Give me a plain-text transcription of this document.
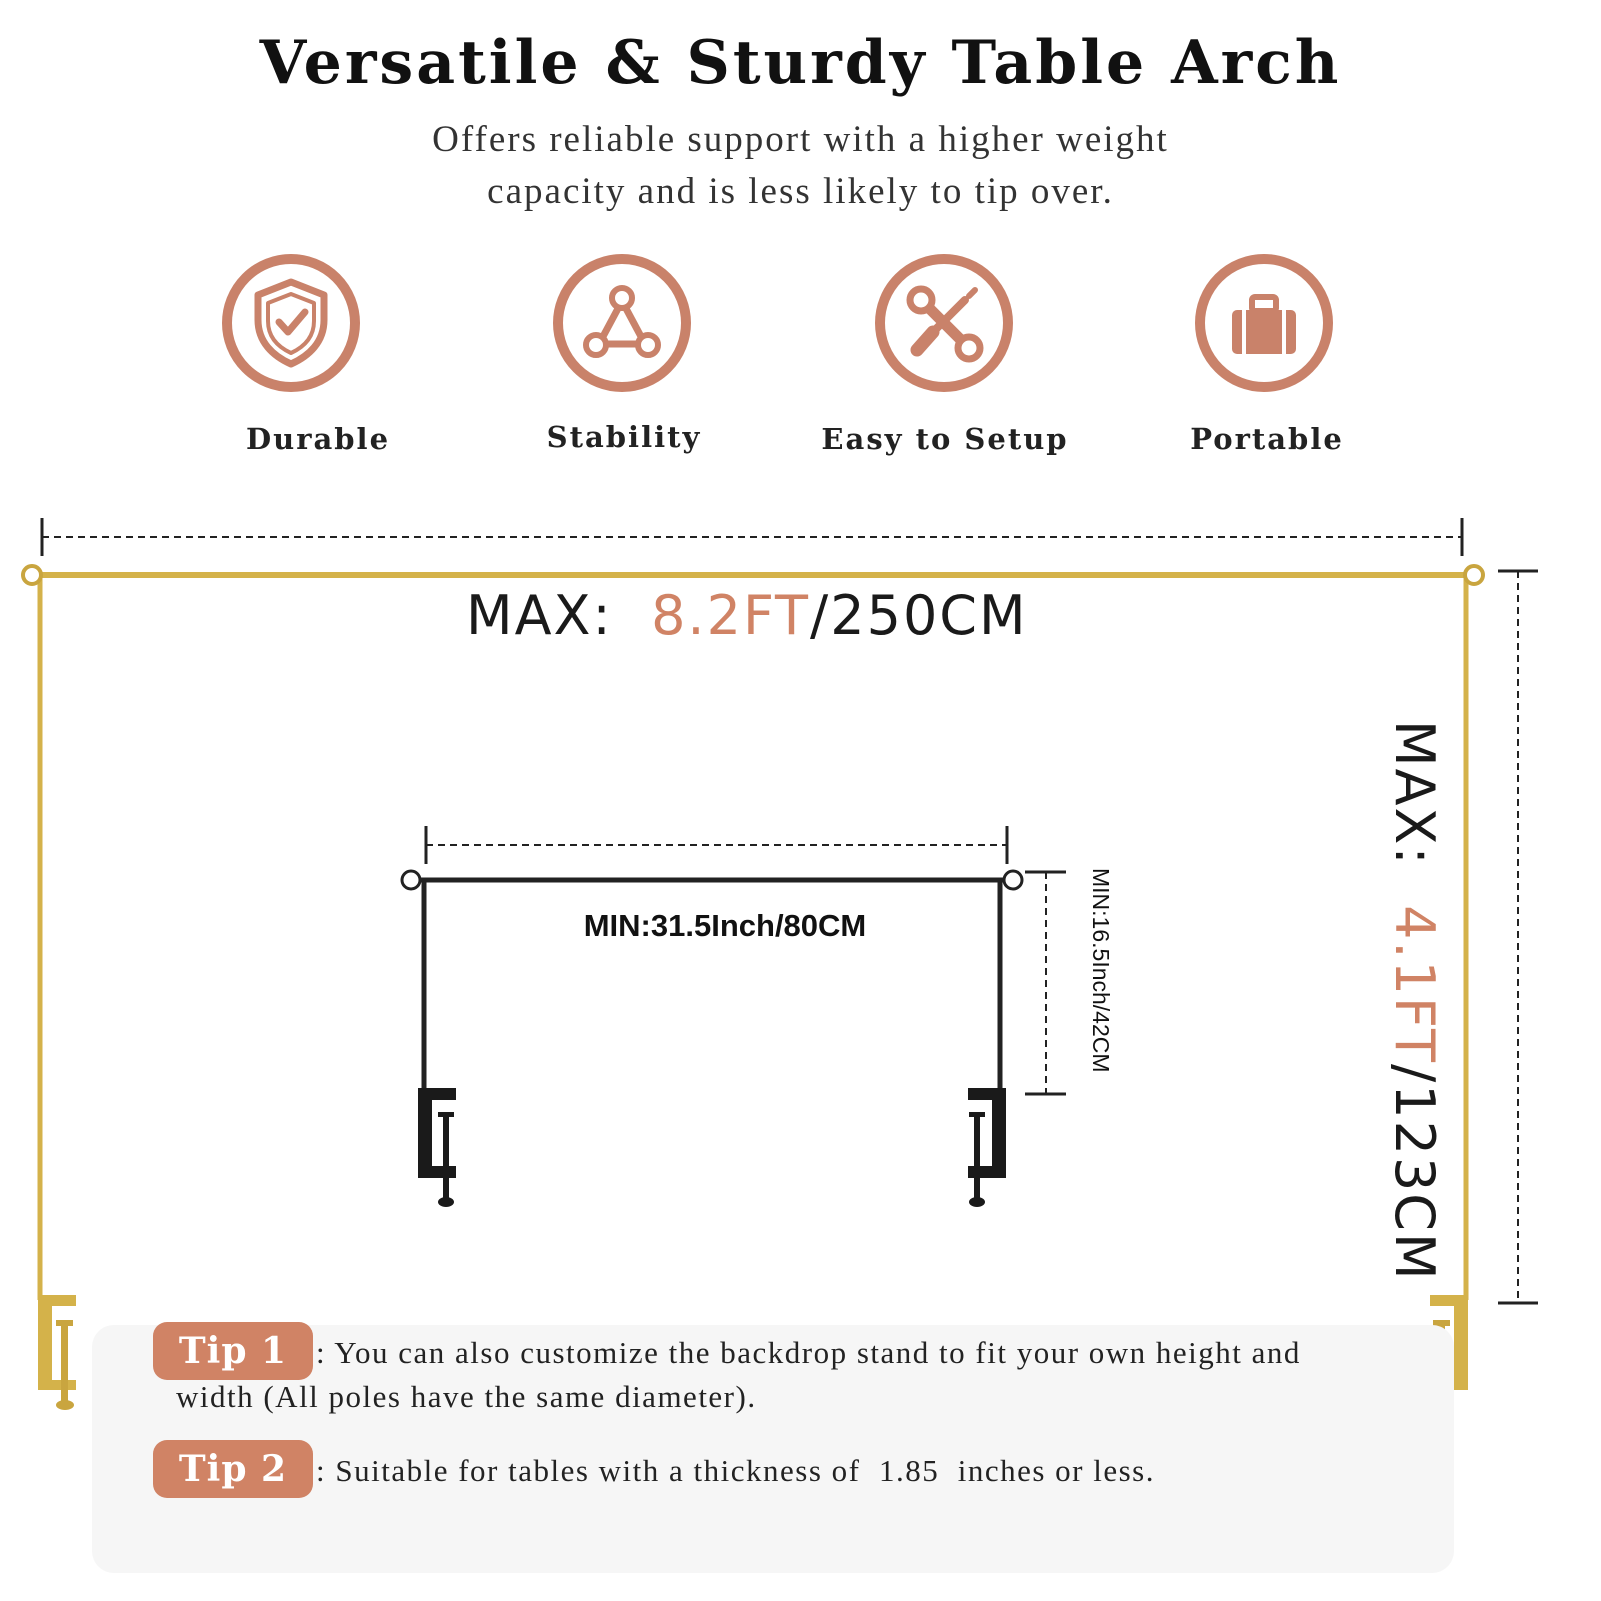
Versatile & Sturdy Table Arch
Offers reliable support with a higher weight
capacity and is less likely to tip over.
Durable	Stability	Easy to Setup	Portable
MAX: 8.2FT/250CM
MIN:31.5Inch/80CM	MIN:16.5Inch/42CM
MAX:  4.1FT/123CM
Tip 1 : You can also customize the backdrop stand to fit your own height and
width (All poles have the same diameter).
Tip 2 : Suitable for tables with a thickness of  1.85  inches or less.
